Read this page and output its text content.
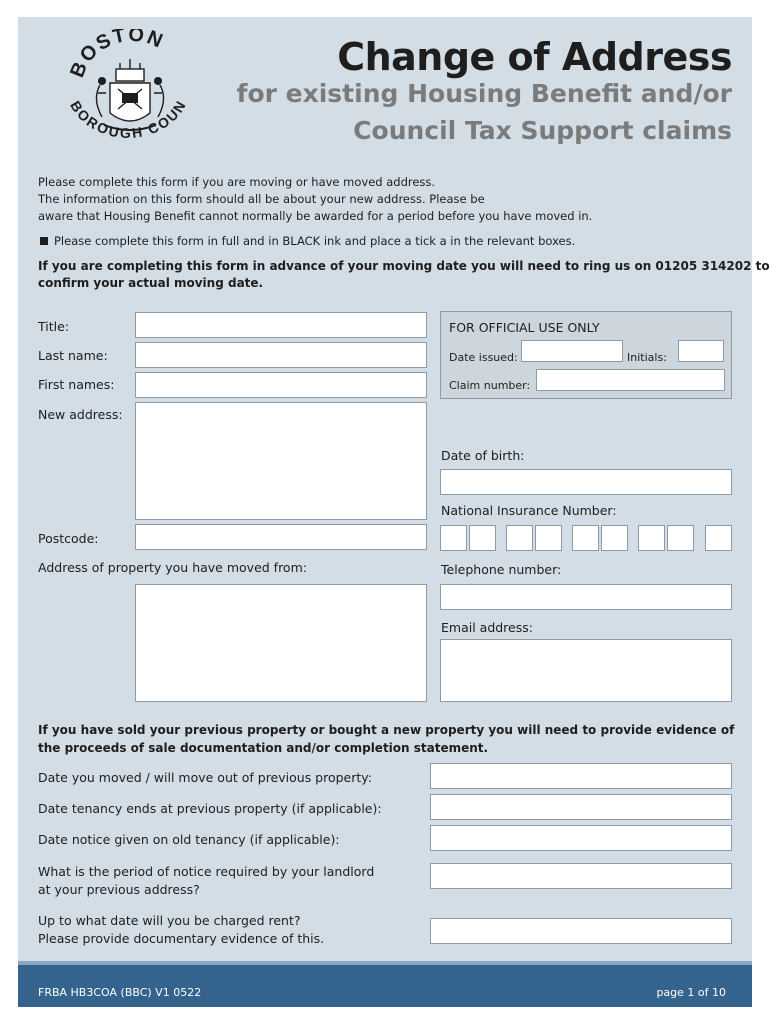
BOSTON
BOROUGH COUN
Change of Address
for existing Housing Benefit and/or
Council Tax Support claims
Please complete this form if you are moving or have moved address.
The information on this form should all be about your new address. Please be
aware that Housing Benefit cannot normally be awarded for a period before you have moved in.
Please complete this form in full and in BLACK ink and place a tick a in the relevant boxes.
If you are completing this form in advance of your moving date you will need to ring us on 01205 314202 to
confirm your actual moving date.
Title:
Last name:
First names:
New address:
Postcode:
Address of property you have moved from:
FOR OFFICIAL USE ONLY
Date issued:	Initials:
Claim number:
Date of birth:
National Insurance Number:
Telephone number:
Email address:
If you have sold your previous property or bought a new property you will need to provide evidence of
the proceeds of sale documentation and/or completion statement.
Date you moved / will move out of previous property:
Date tenancy ends at previous property (if applicable):
Date notice given on old tenancy (if applicable):
What is the period of notice required by your landlord
at your previous address?
Up to what date will you be charged rent?
Please provide documentary evidence of this.
FRBA HB3COA (BBC) V1 0522	page 1 of 10
